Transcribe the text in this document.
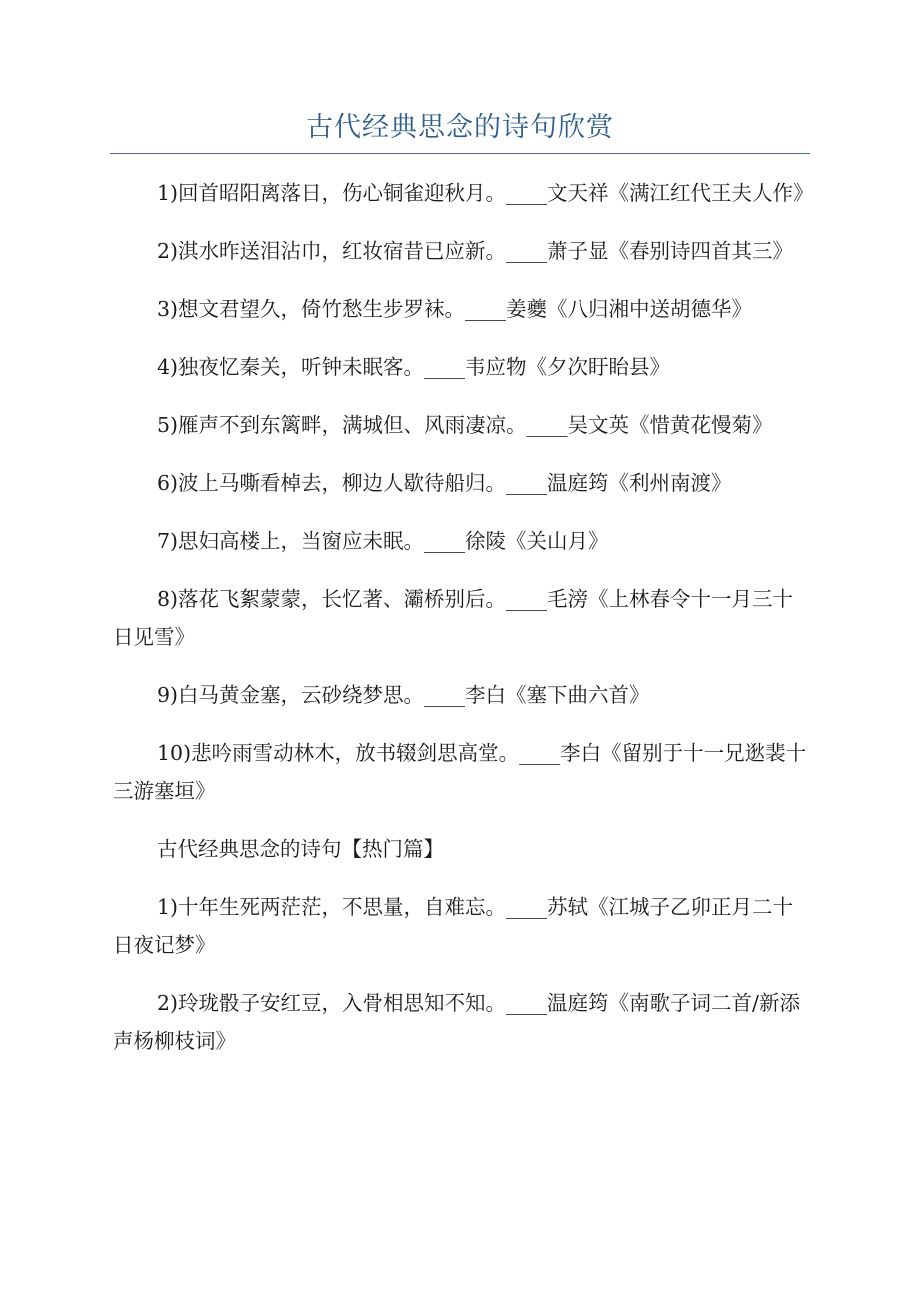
古代经典思念的诗句欣赏

1)回首昭阳离落日，伤心铜雀迎秋月。____文天祥《满江红代王夫人作》

2)淇水昨送泪沾巾，红妆宿昔已应新。____萧子显《春别诗四首其三》

3)想文君望久，倚竹愁生步罗袜。____姜夔《八归湘中送胡德华》

4)独夜忆秦关，听钟未眠客。____韦应物《夕次盱眙县》

5)雁声不到东篱畔，满城但、风雨凄凉。____吴文英《惜黄花慢菊》

6)波上马嘶看棹去，柳边人歇待船归。____温庭筠《利州南渡》

7)思妇高楼上，当窗应未眠。____徐陵《关山月》

8)落花飞絮蒙蒙，长忆著、灞桥别后。____毛滂《上林春令十一月三十日见雪》

9)白马黄金塞，云砂绕梦思。____李白《塞下曲六首》

10)悲吟雨雪动林木，放书辍剑思高堂。____李白《留别于十一兄逖裴十三游塞垣》

古代经典思念的诗句【热门篇】

1)十年生死两茫茫，不思量，自难忘。____苏轼《江城子乙卯正月二十日夜记梦》

2)玲珑骰子安红豆，入骨相思知不知。____温庭筠《南歌子词二首/新添声杨柳枝词》
